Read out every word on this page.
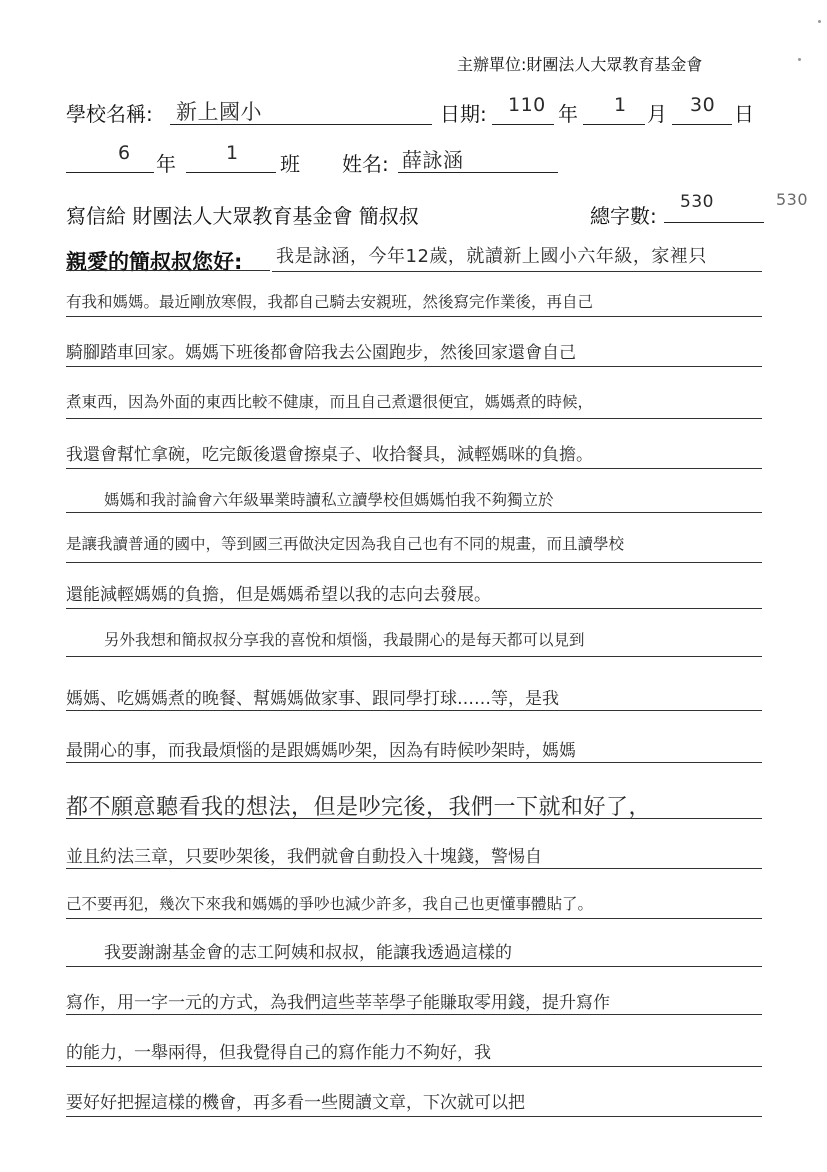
主辦單位:財團法人大眾教育基金會
學校名稱: 新上國小	日期: 110 年 1 月 30 日
6 年	1 班 姓名: 薛詠涵
寫信給 財團法人大眾教育基金會 簡叔叔	總字數:
530	530
親愛的簡叔叔您好: 我是詠涵，今年12歲，就讀新上國小六年級，家裡只
有我和媽媽。最近剛放寒假，我都自己騎去安親班，然後寫完作業後，再自己
騎腳踏車回家。媽媽下班後都會陪我去公園跑步，然後回家還會自己
煮東西，因為外面的東西比較不健康，而且自己煮還很便宜，媽媽煮的時候，
我還會幫忙拿碗，吃完飯後還會擦桌子、收拾餐具，減輕媽咪的負擔。
媽媽和我討論會六年級畢業時讀私立讀學校但媽媽怕我不夠獨立於
是讓我讀普通的國中，等到國三再做決定因為我自己也有不同的規畫，而且讀學校
還能減輕媽媽的負擔，但是媽媽希望以我的志向去發展。
另外我想和簡叔叔分享我的喜悅和煩惱，我最開心的是每天都可以見到
媽媽、吃媽媽煮的晚餐、幫媽媽做家事、跟同學打球……等，是我
最開心的事，而我最煩惱的是跟媽媽吵架，因為有時候吵架時，媽媽
都不願意聽看我的想法，但是吵完後，我們一下就和好了，
並且約法三章，只要吵架後，我們就會自動投入十塊錢，警惕自
己不要再犯，幾次下來我和媽媽的爭吵也減少許多，我自己也更懂事體貼了。
我要謝謝基金會的志工阿姨和叔叔，能讓我透過這樣的
寫作，用一字一元的方式，為我們這些莘莘學子能賺取零用錢，提升寫作
的能力，一舉兩得，但我覺得自己的寫作能力不夠好，我
要好好把握這樣的機會，再多看一些閱讀文章，下次就可以把
